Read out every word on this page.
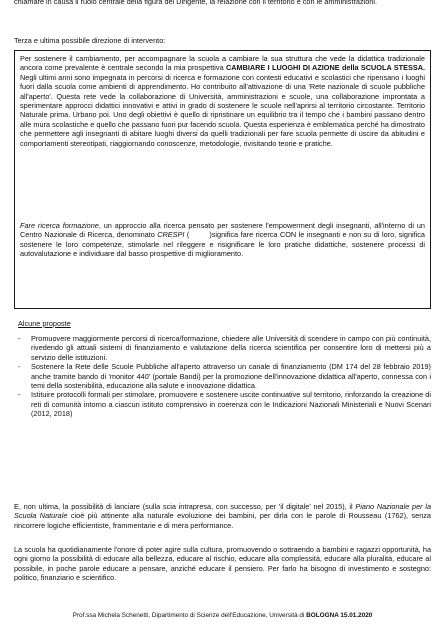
chiamare in causa il ruolo centrale della figura del Dirigente, la relazione con il territorio e con le amministrazioni.
Terza e ultima possibile direzione di intervento:
Per sostenere il cambiamento, per accompagnare la scuola a cambiare la sua struttura che vede la didattica tradizionale ancora come prevalente è centrale secondo la mia prospettiva CAMBIARE I LUOGHI DI AZIONE della SCUOLA STESSA. Negli ultimi anni sono impegnata in percorsi di ricerca e formazione con contesti educativi e scolastici che ripensano i luoghi fuori dalla scuola come ambienti di apprendimento. Ho contribuito all'attivazione di una 'Rete nazionale di scuole pubbliche all'aperto'. Questa rete vede la collaborazione di Università, amministrazioni e scuole, una collaborazione improntata a sperimentare approcci didattici innovativi e attivi in grado di sostenere le scuole nell'aprirsi al territorio circostante. Territorio Naturale prima. Urbano poi. Uno degli obiettivi è quello di ripristinare un equilibrio tra il tempo che i bambini passano dentro alle mura scolastiche e quello che passano fuori pur facendo scuola. Questa esperienza è emblematica perché ha dimostrato che permettere agli insegnanti di abitare luoghi diversi da quelli tradizionali per fare scuola permette di uscire da abitudini e comportamenti stereotipati, riaggiornando conoscenze, metodologie, rivisitando teorie e pratiche.
Fare ricerca formazione, un approccio alla ricerca pensato per sostenere l'empowerment degli insegnanti, all'interno di un Centro Nazionale di Ricerca, denominato CRESPI (	)significa fare ricerca CON le insegnanti e non su di loro, significa sostenere le loro competenze, stimolarle nel rileggere e risignificare le loro pratiche didattiche, sostenere processi di autovalutazione e individuare dal basso prospettive di miglioramento.
Alcune proposte
- Promuovere maggiormente percorsi di ricerca/formazione, chiedere alle Università di scendere in campo con più continuità, rivedendo gli attuali sistemi di finanziamento e valutazione della ricerca scientifica per consentire loro di mettersi più a servizio delle istituzioni.
- Sostenere la Rete delle Scuole Pubbliche all'aperto attraverso un canale di finanziamento (DM 174 del 28 febbraio 2019) anche tramite bando di 'monitor 440' (portale Bandi) per la promozione dell'innovazione didattica all'aperto, connessa con i temi della sostenibilità, educazione alla salute e innovazione didattica.
- Istituire protocolli formali per stimolare, promuovere e sostenere uscite continuative sul territorio, rinforzando la creazione di reti di comunità intorno a ciascun istituto comprensivo in coerenza con le Indicazioni Nazionali Ministeriali e Nuovi Scenari (2012, 2018)
E, non ultima, la possibilità di lanciare (sulla scia intrapresa, con successo, per 'il digitale' nel 2015), il Piano Nazionale per la Scuola Naturale cioè più attinente alla naturale evoluzione dei bambini, per dirla con le parole di Rousseau (1762), senza rincorrere logiche efficientiste, frammentarie e di mera performance.
La scuola ha quotidianamente l'onore di poter agire sulla cultura, promuovendo o sottraendo a bambini e ragazzi opportunità, ha ogni giorno la possibilità di educare alla bellezza, educare al rischio, educare alla complessità, educare alla pluralità, educare al possibile, in poche parole educare a pensare, anziché educare il pensiero. Per farlo ha bisogno di investimento e sostegno: politico, finanziario e scientifico.
Prof.ssa Michela Schenetti, Dipartimento di Scienze dell'Educazione, Università di BOLOGNA 15.01.2020
